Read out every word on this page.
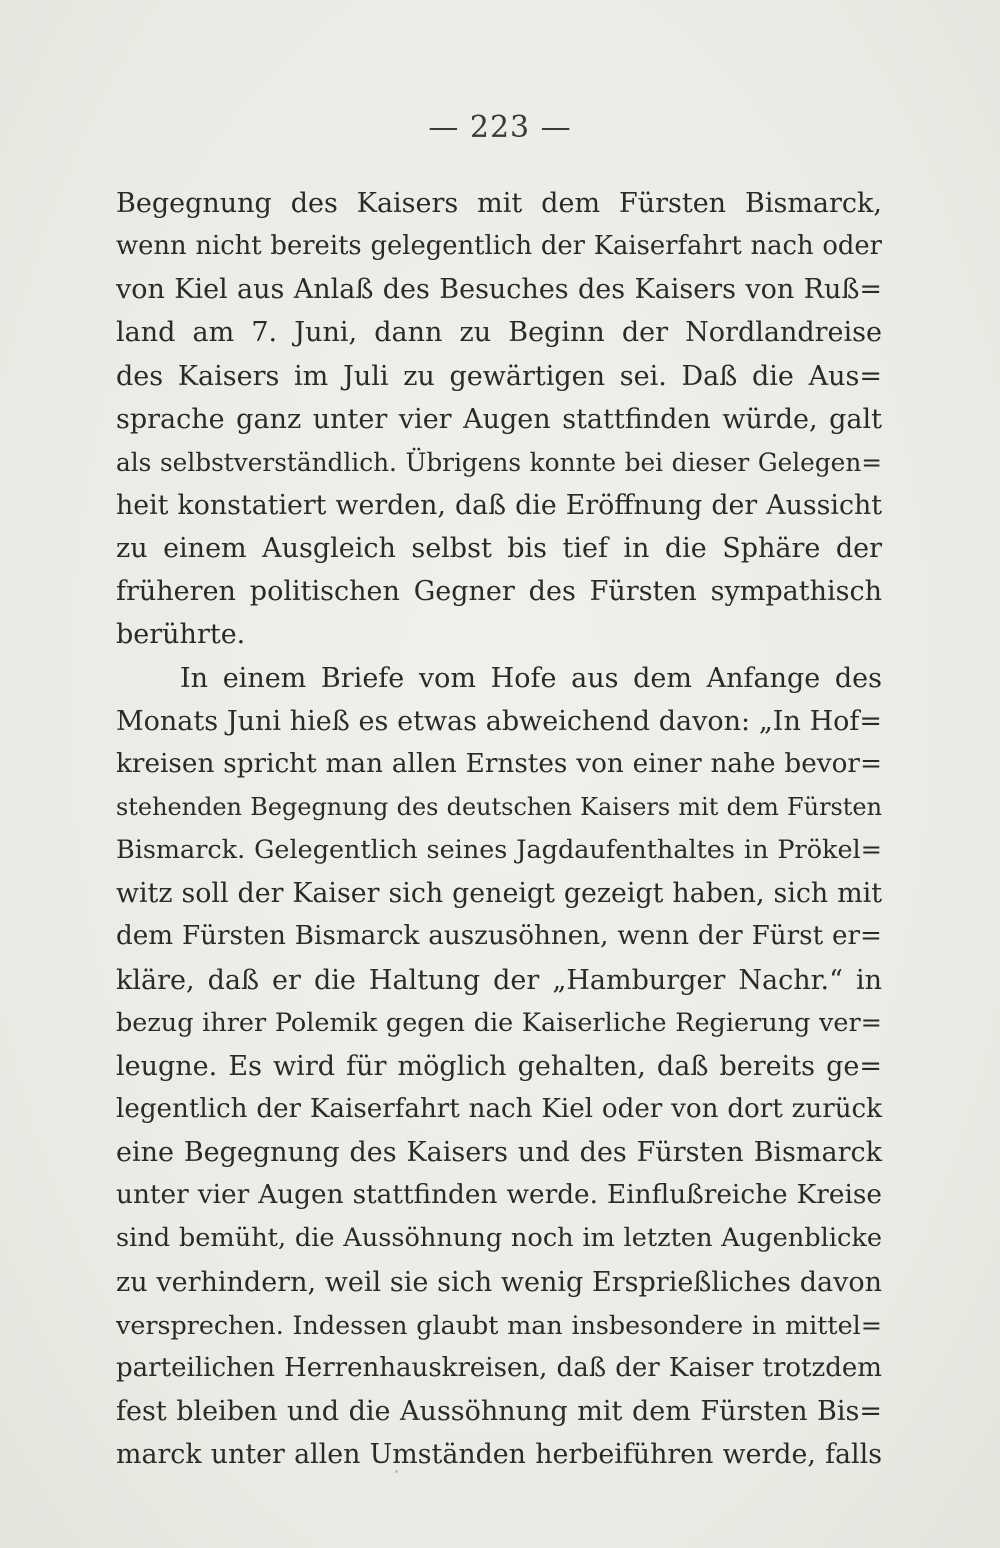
— 223 —
Begegnung des Kaisers mit dem Fürsten Bismarck,
wenn nicht bereits gelegentlich der Kaiserfahrt nach oder
von Kiel aus Anlaß des Besuches des Kaisers von Ruß=
land am 7. Juni, dann zu Beginn der Nordlandreise
des Kaisers im Juli zu gewärtigen sei. Daß die Aus=
sprache ganz unter vier Augen stattfinden würde, galt
als selbstverständlich. Übrigens konnte bei dieser Gelegen=
heit konstatiert werden, daß die Eröffnung der Aussicht
zu einem Ausgleich selbst bis tief in die Sphäre der
früheren politischen Gegner des Fürsten sympathisch
berührte.
In einem Briefe vom Hofe aus dem Anfange des
Monats Juni hieß es etwas abweichend davon: „In Hof=
kreisen spricht man allen Ernstes von einer nahe bevor=
stehenden Begegnung des deutschen Kaisers mit dem Fürsten
Bismarck. Gelegentlich seines Jagdaufenthaltes in Prökel=
witz soll der Kaiser sich geneigt gezeigt haben, sich mit
dem Fürsten Bismarck auszusöhnen, wenn der Fürst er=
kläre, daß er die Haltung der „Hamburger Nachr.“ in
bezug ihrer Polemik gegen die Kaiserliche Regierung ver=
leugne. Es wird für möglich gehalten, daß bereits ge=
legentlich der Kaiserfahrt nach Kiel oder von dort zurück
eine Begegnung des Kaisers und des Fürsten Bismarck
unter vier Augen stattfinden werde. Einflußreiche Kreise
sind bemüht, die Aussöhnung noch im letzten Augenblicke
zu verhindern, weil sie sich wenig Ersprießliches davon
versprechen. Indessen glaubt man insbesondere in mittel=
parteilichen Herrenhauskreisen, daß der Kaiser trotzdem
fest bleiben und die Aussöhnung mit dem Fürsten Bis=
marck unter allen Umständen herbeiführen werde, falls
